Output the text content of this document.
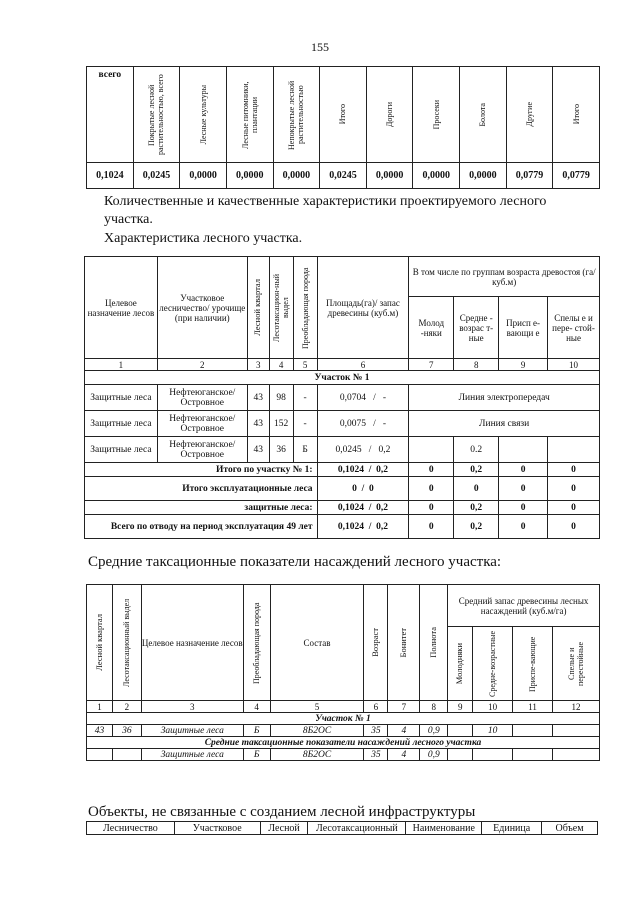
155
всего	Покрытые лесной растительностью, всего	Лесные культуры	Лесные питомники, плантации	Непокрытые лесной растительностью	Итого	Дороги	Просеки	Болота	Другие	Итого

0,1024	0,0245	0,0000	0,0000	0,0000	0,0245	0,0000	0,0000	0,0000	0,0779	0,0779
Количественные и качественные характеристики проектируемого лесного
участка.
Характеристика лесного участка.
Целевое назначение лесов	Участковое лесничество/ урочище (при наличии)	Лесной квартал	Лесотаксацион-ный выдел	Преобладающая порода	Площадь(га)/ запас древесины (куб.м)	В том числе по группам возраста древостоя (га/куб.м)			
						Молод -няки	Средне - возрас т-ные	Присп е- вающи е	Спелы е и пере- стой- ные
1	2	3	4	5	6	7	8	9	10
Участок № 1									
Защитные леса	Нефтеюганское/ Островное	43	98	-	0,0704 / -	Линия электропередач			
Защитные леса	Нефтеюганское/ Островное	43	152	-	0,0075 / -	Линия связи			
Защитные леса	Нефтеюганское/ Островное	43	36	Б	0,0245 / 0,2		0.2		
Итого по участку № 1:					0,1024 / 0,2	0	0,2	0	0
Итого эксплуатационные леса					0 / 0	0	0	0	0
защитные леса:					0,1024 / 0,2	0	0,2	0	0
Всего по отводу на период эксплуатация 49 лет					0,1024 / 0,2	0	0,2	0	0
Средние таксационные показатели насаждений лесного участка:
Лесной квартал	Лесотаксационный выдел	Целевое назначение лесов	Преобладающая порода	Состав	Возраст	Бонитет	Полнота	Средний запас древесины лесных насаждений (куб.м/га)			

								Молодняки	Средне-возрастные	Приспе-вающие	Спелые и перестойные

1	2	3	4	5	6	7	8	9	10	11	12
Участок № 1											
43	36	Защитные леса	Б	8Б2ОС	35	4	0,9		10		
Средние таксационные показатели насаждений лесного участка											
		Защитные леса	Б	8Б2ОС	35	4	0,9				
Объекты, не связанные с созданием лесной инфраструктуры
Лесничество	Участковое	Лесной	Лесотаксационный	Наименование	Единица	Объем
